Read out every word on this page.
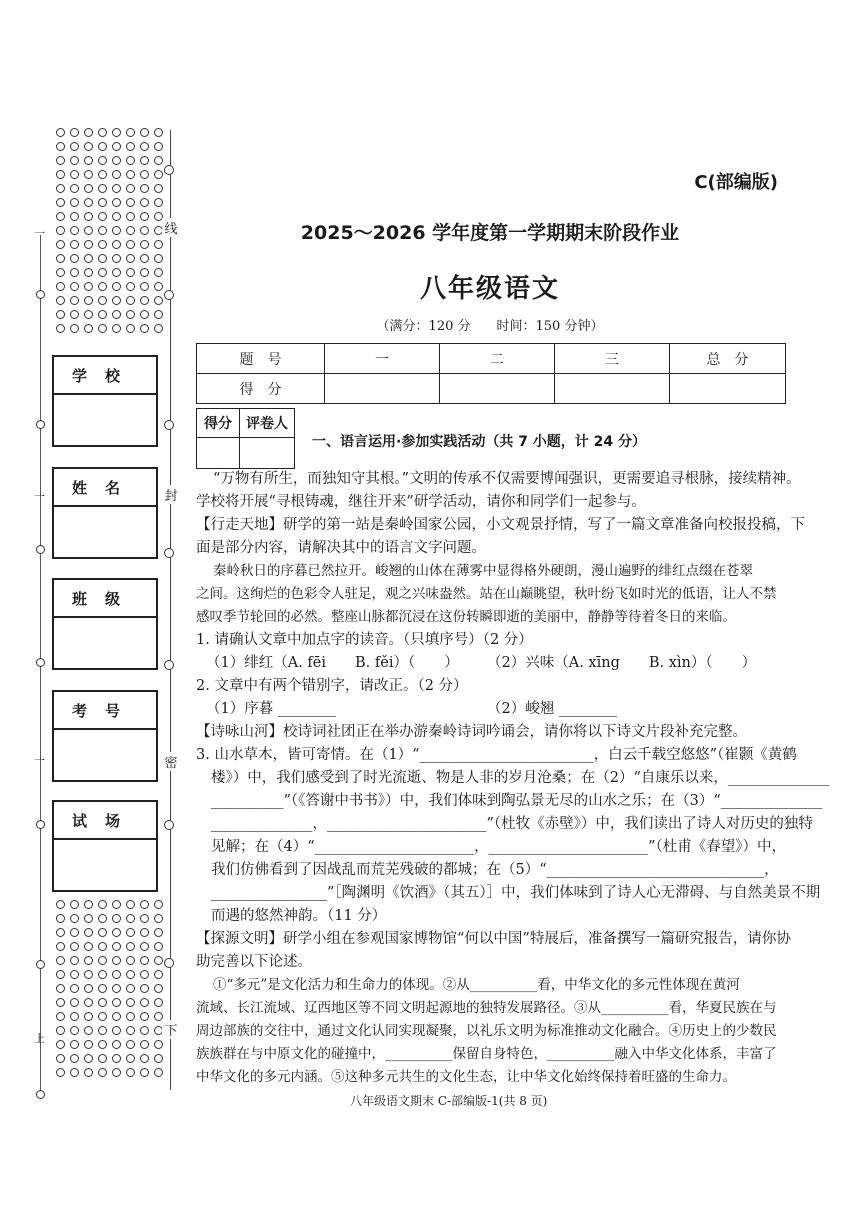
一
一
一
上
线
封
密
下
学校
姓名
班级
考号
试场
C(部编版)
2025～2026 学年度第一学期期末阶段作业
八年级语文
（满分：120 分　　时间：150 分钟）
题　号	一	二	三	总　分
得　分				
得分	评卷人

一、语言运用·参加实践活动（共 7 小题，计 24 分）
“万物有所生，而独知守其根。”文明的传承不仅需要博闻强识，更需要追寻根脉，接续精神。
学校将开展“寻根铸魂，继往开来”研学活动，请你和同学们一起参与。
【行走天地】研学的第一站是秦岭国家公园，小文观景抒情，写了一篇文章准备向校报投稿，下
面是部分内容，请解决其中的语言文字问题。
秦岭秋日的序暮已然拉开。峻翘的山体在薄雾中显得格外硬朗，漫山遍野的绯红点缀在苍翠
之间。这绚烂的色彩令人驻足，观之兴味盎然。站在山巅眺望，秋叶纷飞如时光的低语，让人不禁
感叹季节轮回的必然。整座山脉都沉浸在这份转瞬即逝的美丽中，静静等待着冬日的来临。
1. 请确认文章中加点字的读音。（只填序号）（2 分）
（1）绯红（A. fēi　　B. fěi）（　　） （2）兴味（A. xīng　　B. xìn）（　　）
2. 文章中有两个错别字，请改正。（2 分）
（1）序暮 ________	（2）峻翘 ________
【诗咏山河】校诗词社团正在举办游秦岭诗词吟诵会，请你将以下诗文片段补充完整。
3. 山水草木，皆可寄情。在（1）“________________________，白云千载空悠悠”（崔颢《黄鹤
楼》）中，我们感受到了时光流逝、物是人非的岁月沧桑；在（2）“自康乐以来，______________
__________”（《答谢中书书》）中，我们体味到陶弘景无尽的山水之乐；在（3）“______________
______________，______________________”（杜牧《赤壁》）中，我们读出了诗人对历史的独特
见解；在（4）“______________________，______________________”（杜甫《春望》）中，
我们仿佛看到了因战乱而荒芜残破的都城；在（5）“______________________________，
________________”［陶渊明《饮酒》（其五）］中，我们体味到了诗人心无滞碍、与自然美景不期
而遇的悠然神韵。（11 分）
【探源文明】研学小组在参观国家博物馆“何以中国”特展后，准备撰写一篇研究报告，请你协
助完善以下论述。
①“多元”是文化活力和生命力的体现。②从__________看，中华文化的多元性体现在黄河
流域、长江流域、辽西地区等不同文明起源地的独特发展路径。③从__________看，华夏民族在与
周边部族的交往中，通过文化认同实现凝聚，以礼乐文明为标准推动文化融合。④历史上的少数民
族族群在与中原文化的碰撞中，__________保留自身特色，__________融入中华文化体系，丰富了
中华文化的多元内涵。⑤这种多元共生的文化生态，让中华文化始终保持着旺盛的生命力。
八年级语文期末 C-部编版-1(共 8 页)
